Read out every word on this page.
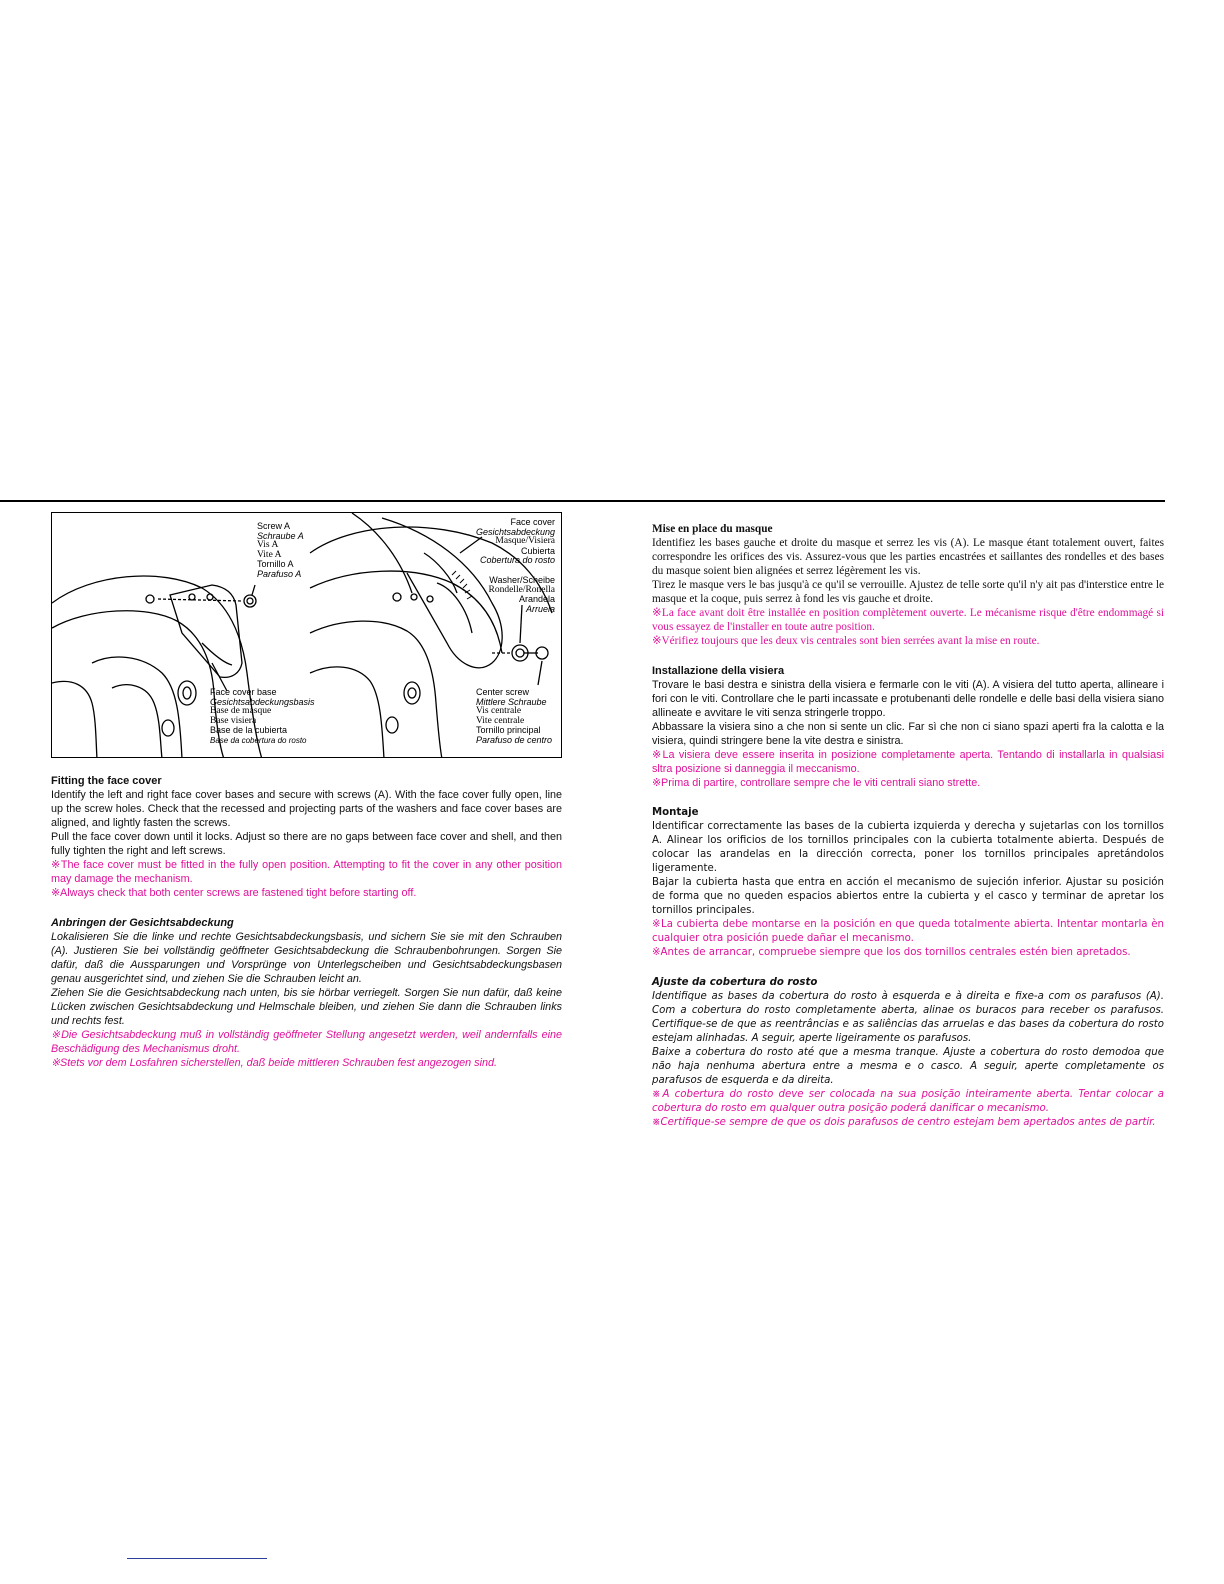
Screw A
Schraube A
Vis A
Vite A
Tornillo A
Parafuso A
Face cover
Gesichtsabdeckung
Masque/Visiera
Cubierta
Cobertura do rosto
Washer/Scheibe
Rondelle/Ronella
Arandela
Arruela
Face cover base
Gesichtsabdeckungsbasis
Base de masque
Base visiera
Base de la cubierta
Base da cobertura do rosto
Center screw
Mittlere Schraube
Vis centrale
Vite centrale
Tornillo principal
Parafuso de centro
Fitting the face cover

Identify the left and right face cover bases and secure with screws (A). With the face cover fully open, line up the screw holes. Check that the recessed and projecting parts of the washers and face cover bases are aligned, and lightly fasten the screws.

Pull the face cover down until it locks. Adjust so there are no gaps between face cover and shell, and then fully tighten the right and left screws.

※The face cover must be fitted in the fully open position. Attempting to fit the cover in any other position may damage the mechanism.

※Always check that both center screws are fastened tight before starting off.

Anbringen der Gesichtsabdeckung

Lokalisieren Sie die linke und rechte Gesichtsabdeckungsbasis, und sichern Sie sie mit den Schrauben (A). Justieren Sie bei vollständig geöffneter Gesichtsabdeckung die Schraubenbohrungen. Sorgen Sie dafür, daß die Aussparungen und Vorsprünge von Unterlegscheiben und Gesichtsabdeckungsbasen genau ausgerichtet sind, und ziehen Sie die Schrauben leicht an.

Ziehen Sie die Gesichtsabdeckung nach unten, bis sie hörbar verriegelt. Sorgen Sie nun dafür, daß keine Lücken zwischen Gesichtsabdeckung und Helmschale bleiben, und ziehen Sie dann die Schrauben links und rechts fest.

※Die Gesichtsabdeckung muß in vollständig geöffneter Stellung angesetzt werden, weil andernfalls eine Beschädigung des Mechanismus droht.

※Stets vor dem Losfahren sicherstellen, daß beide mittleren Schrauben fest angezogen sind.

Mise en place du masque

Identifiez les bases gauche et droite du masque et serrez les vis (A). Le masque étant totalement ouvert, faites correspondre les orifices des vis. Assurez-vous que les parties encastrées et saillantes des rondelles et des bases du masque soient bien alignées et serrez légèrement les vis.

Tirez le masque vers le bas jusqu'à ce qu'il se verrouille. Ajustez de telle sorte qu'il n'y ait pas d'interstice entre le masque et la coque, puis serrez à fond les vis gauche et droite.

※La face avant doit être installée en position complètement ouverte. Le mécanisme risque d'être endommagé si vous essayez de l'installer en toute autre position.

※Vérifiez toujours que les deux vis centrales sont bien serrées avant la mise en route.

Installazione della visiera

Trovare le basi destra e sinistra della visiera e fermarle con le viti (A). A visiera del tutto aperta, allineare i fori con le viti. Controllare che le parti incassate e protubenanti delle rondelle e delle basi della visiera siano allineate e avvitare le viti senza stringerle troppo.

Abbassare la visiera sino a che non si sente un clic. Far sì che non ci siano spazi aperti fra la calotta e la visiera, quindi stringere bene la vite destra e sinistra.

※La visiera deve essere inserita in posizione completamente aperta. Tentando di installarla in qualsiasi sltra posizione si danneggia il meccanismo.

※Prima di partire, controllare sempre che le viti centrali siano strette.

Montaje

Identificar correctamente las bases de la cubierta izquierda y derecha y sujetarlas con los tornillos A. Alinear los orificios de los tornillos principales con la cubierta totalmente abierta. Después de colocar las arandelas en la dirección correcta, poner los tornillos principales apretándolos ligeramente.

Bajar la cubierta hasta que entra en acción el mecanismo de sujeción inferior. Ajustar su posición de forma que no queden espacios abiertos entre la cubierta y el casco y terminar de apretar los tornillos principales.

※La cubierta debe montarse en la posición en que queda totalmente abierta. Intentar montarla èn cualquier otra posición puede dañar el mecanismo.

※Antes de arrancar, compruebe siempre que los dos tornillos centrales estén bien apretados.

Ajuste da cobertura do rosto

Identifique as bases da cobertura do rosto à esquerda e à direita e fixe-a com os parafusos (A). Com a cobertura do rosto completamente aberta, alinae os buracos para receber os parafusos. Certifique-se de que as reentrâncias e as saliências das arruelas e das bases da cobertura do rosto estejam alinhadas. A seguir, aperte ligeiramente os parafusos.

Baixe a cobertura do rosto até que a mesma tranque. Ajuste a cobertura do rosto demodoa que não haja nenhuma abertura entre a mesma e o casco. A seguir, aperte completamente os parafusos de esquerda e da direita.

※A cobertura do rosto deve ser colocada na sua posição inteiramente aberta. Tentar colocar a cobertura do rosto em qualquer outra posição poderá danificar o mecanismo.

※Certifique-se sempre de que os dois parafusos de centro estejam bem apertados antes de partir.
